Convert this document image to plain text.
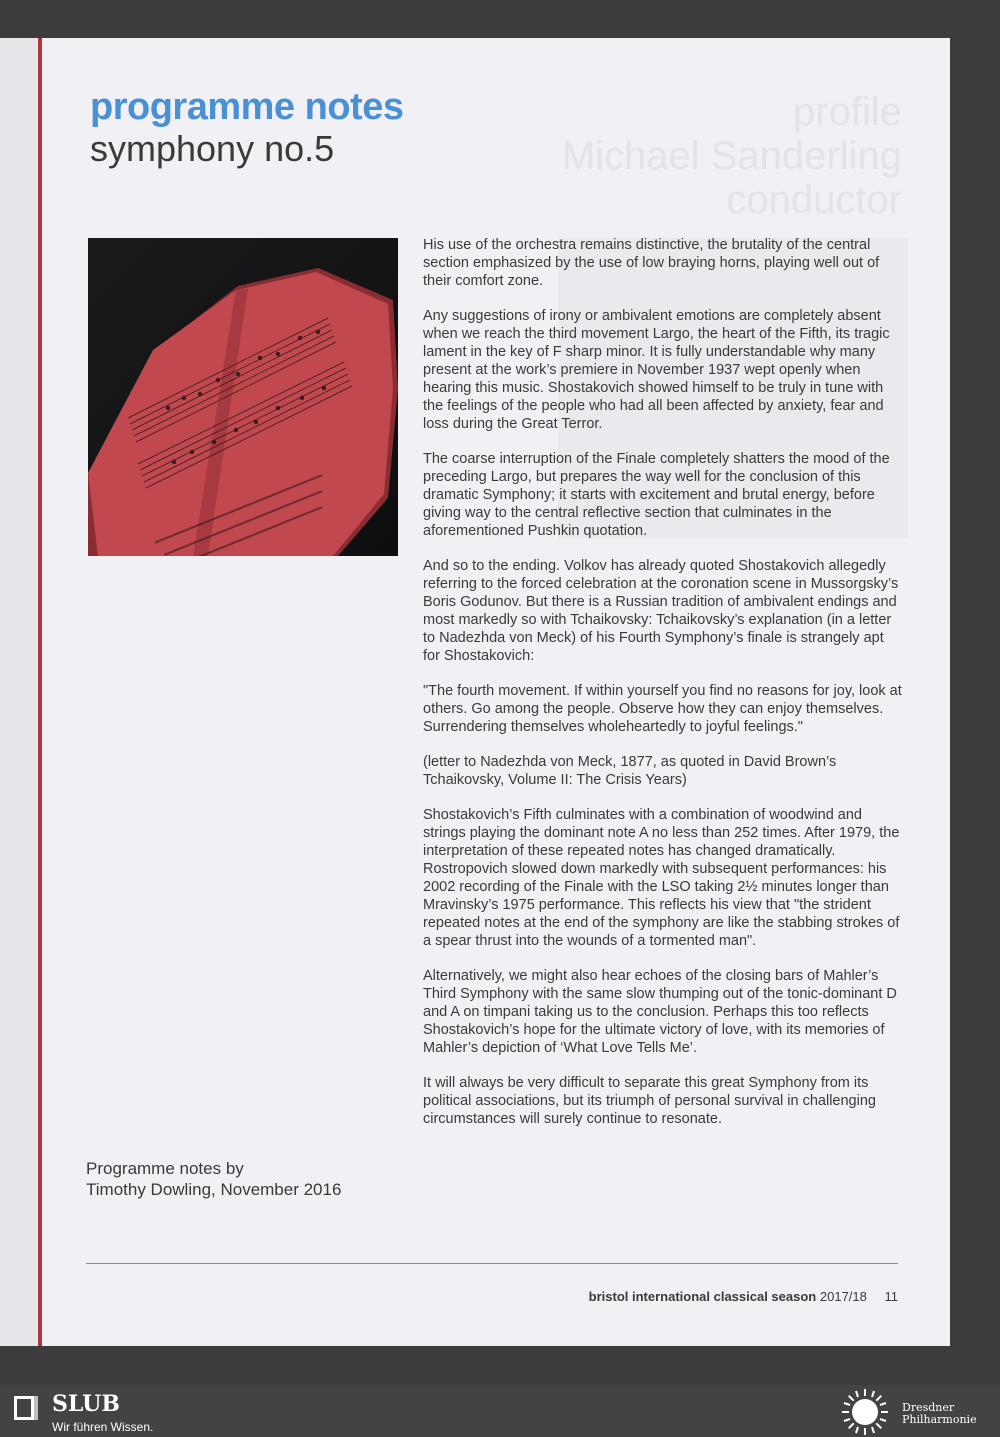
profile
Michael Sanderling
conductor
programme notes
symphony no.5

His use of the orchestra remains distinctive, the brutality of the central section emphasized by the use of low braying horns, playing well out of their comfort zone.

Any suggestions of irony or ambivalent emotions are completely absent when we reach the third movement Largo, the heart of the Fifth, its tragic lament in the key of F sharp minor. It is fully understandable why many present at the work’s premiere in November 1937 wept openly when hearing this music. Shostakovich showed himself to be truly in tune with the feelings of the people who had all been affected by anxiety, fear and loss during the Great Terror.

The coarse interruption of the Finale completely shatters the mood of the preceding Largo, but prepares the way well for the conclusion of this dramatic Symphony; it starts with excitement and brutal energy, before giving way to the central reflective section that culminates in the aforementioned Pushkin quotation.

And so to the ending. Volkov has already quoted Shostakovich allegedly referring to the forced celebration at the coronation scene in Mussorgsky’s Boris Godunov. But there is a Russian tradition of ambivalent endings and most markedly so with Tchaikovsky: Tchaikovsky’s explanation (in a letter to Nadezhda von Meck) of his Fourth Symphony’s finale is strangely apt for Shostakovich:

"The fourth movement. If within yourself you find no reasons for joy, look at others. Go among the people. Observe how they can enjoy themselves. Surrendering themselves wholeheartedly to joyful feelings."

(letter to Nadezhda von Meck, 1877, as quoted in David Brown’s Tchaikovsky, Volume II: The Crisis Years)

Shostakovich’s Fifth culminates with a combination of woodwind and strings playing the dominant note A no less than 252 times. After 1979, the interpretation of these repeated notes has changed dramatically. Rostropovich slowed down markedly with subsequent performances: his 2002 recording of the Finale with the LSO taking 2½ minutes longer than Mravinsky’s 1975 performance. This reflects his view that "the strident repeated notes at the end of the symphony are like the stabbing strokes of a spear thrust into the wounds of a tormented man".

Alternatively, we might also hear echoes of the closing bars of Mahler’s Third Symphony with the same slow thumping out of the tonic-dominant D and A on timpani taking us to the conclusion. Perhaps this too reflects Shostakovich’s hope for the ultimate victory of love, with its memories of Mahler’s depiction of ‘What Love Tells Me’.

It will always be very difficult to separate this great Symphony from its political associations, but its triumph of personal survival in challenging circumstances will surely continue to resonate.

Programme notes by
Timothy Dowling, November 2016
bristol international classical season 2017/18 11
SLUB
Wir führen Wissen.
Dresdner
Philharmonie
